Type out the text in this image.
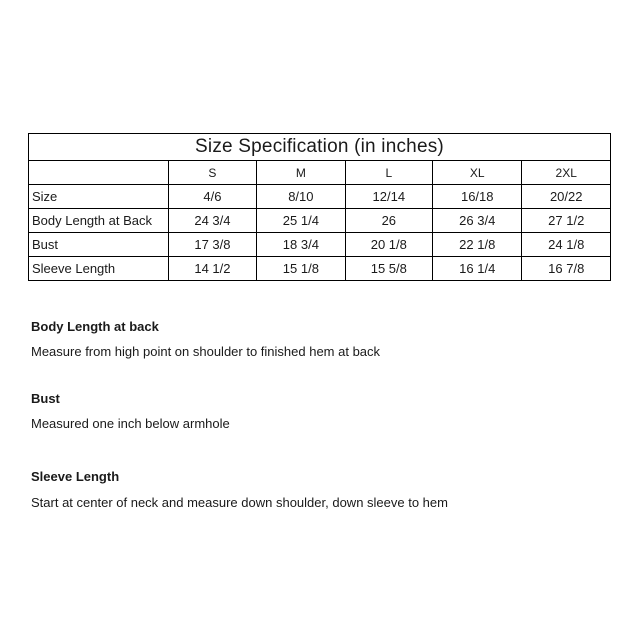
Size Specification (in inches)					
	S	M	L	XL	2XL
Size	4/6	8/10	12/14	16/18	20/22
Body Length at Back	24 3/4	25 1/4	26	26 3/4	27 1/2
Bust	17 3/8	18 3/4	20 1/8	22 1/8	24 1/8
Sleeve Length	14 1/2	15 1/8	15 5/8	16 1/4	16 7/8
Body Length at back
Measure from high point on shoulder to finished hem at back
Bust
Measured one inch below armhole
Sleeve Length
Start at center of neck and measure down shoulder, down sleeve to hem
